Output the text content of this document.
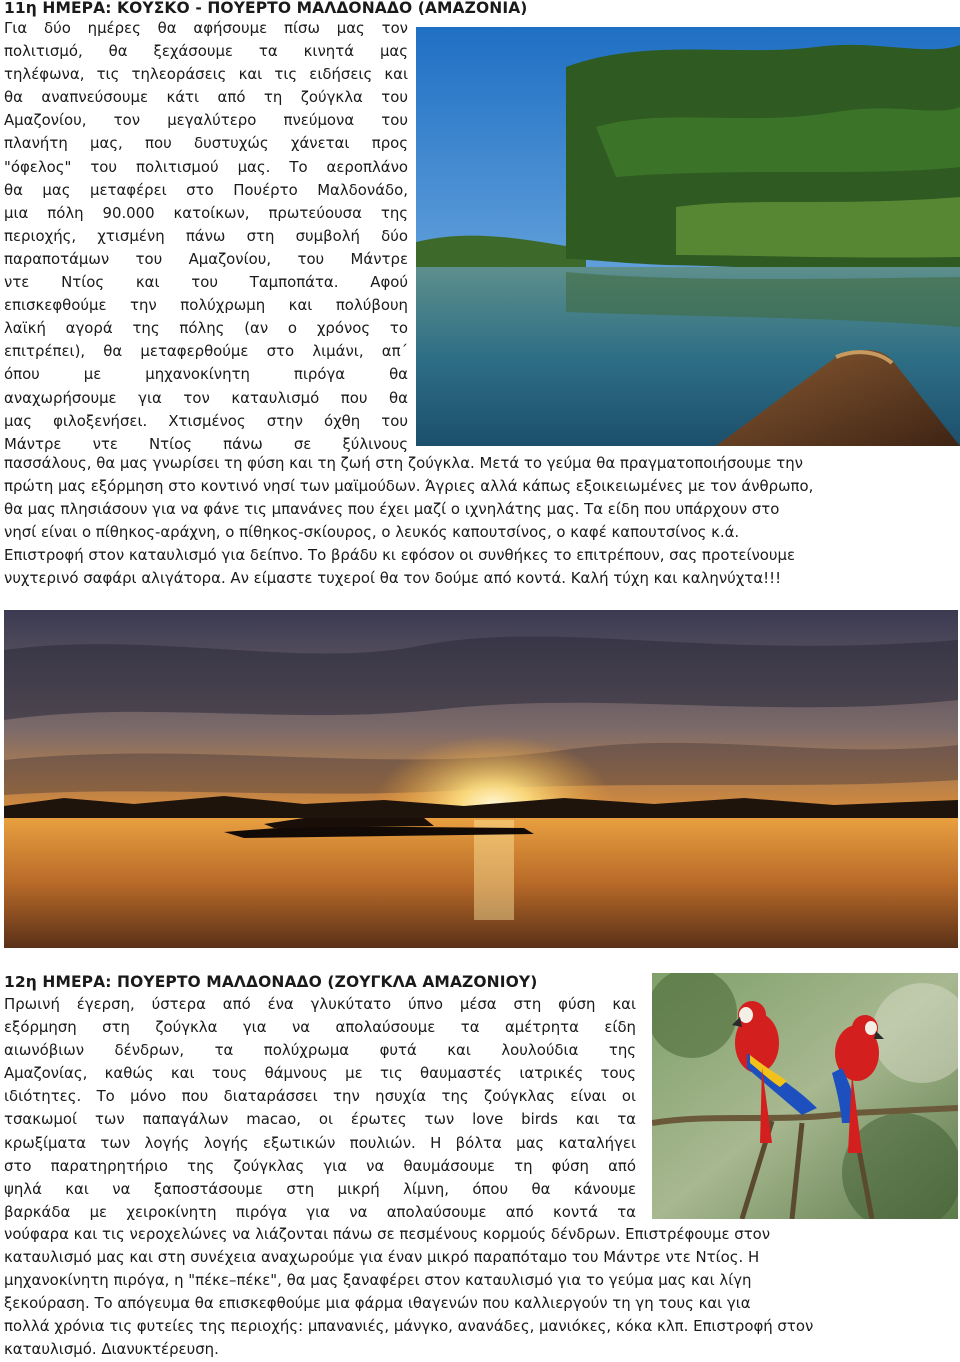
11η ΗΜΕΡΑ: ΚΟΥΣΚΟ - ΠΟΥΕΡΤΟ ΜΑΛΔΟΝΑΔΟ (ΑΜΑΖΟΝΙΑ)
Για δύο ημέρες θα αφήσουμε πίσω μας τον
πολιτισμό, θα ξεχάσουμε τα κινητά μας
τηλέφωνα, τις τηλεοράσεις και τις ειδήσεις και
θα αναπνεύσουμε κάτι από τη ζούγκλα του
Αμαζονίου, τον μεγαλύτερο πνεύμονα του
πλανήτη μας, που δυστυχώς χάνεται προς
"όφελος" του πολιτισμού μας. Το αεροπλάνο
θα μας μεταφέρει στο Πουέρτο Μαλδονάδο,
μια πόλη 90.000 κατοίκων, πρωτεύουσα της
περιοχής, χτισμένη πάνω στη συμβολή δύο
παραποτάμων του Αμαζονίου, του Μάντρε
ντε Ντίος και του Ταμποπάτα. Αφού
επισκεφθούμε την πολύχρωμη και πολύβουη
λαϊκή αγορά της πόλης (αν ο χρόνος το
επιτρέπει), θα μεταφερθούμε στο λιμάνι, απ΄
όπου με μηχανοκίνητη πιρόγα θα
αναχωρήσουμε για τον καταυλισμό που θα
μας φιλοξενήσει. Χτισμένος στην όχθη του
Μάντρε ντε Ντίος πάνω σε ξύλινους
πασσάλους, θα μας γνωρίσει τη φύση και τη ζωή στη ζούγκλα. Μετά το γεύμα θα πραγματοποιήσουμε την
πρώτη μας εξόρμηση στο κοντινό νησί των μαϊμούδων. Άγριες αλλά κάπως εξοικειωμένες με τον άνθρωπο,
θα μας πλησιάσουν για να φάνε τις μπανάνες που έχει μαζί ο ιχνηλάτης μας. Τα είδη που υπάρχουν στο
νησί είναι ο πίθηκος-αράχνη, ο πίθηκος-σκίουρος, ο λευκός καπουτσίνος, ο καφέ καπουτσίνος κ.ά.
Επιστροφή στον καταυλισμό για δείπνο. Το βράδυ κι εφόσον οι συνθήκες το επιτρέπουν, σας προτείνουμε
νυχτερινό σαφάρι αλιγάτορα. Αν είμαστε τυχεροί θα τον δούμε από κοντά. Καλή τύχη και καληνύχτα!!!
12η ΗΜΕΡΑ: ΠΟΥΕΡΤΟ ΜΑΛΔΟΝΑΔΟ (ΖΟΥΓΚΛΑ ΑΜΑΖΟΝΙΟΥ)
Πρωινή έγερση, ύστερα από ένα γλυκύτατο ύπνο μέσα στη φύση και
εξόρμηση στη ζούγκλα για να απολαύσουμε τα αμέτρητα είδη
αιωνόβιων δένδρων, τα πολύχρωμα φυτά και λουλούδια της
Αμαζονίας, καθώς και τους θάμνους με τις θαυμαστές ιατρικές τους
ιδιότητες. Το μόνο που διαταράσσει την ησυχία της ζούγκλας είναι οι
τσακωμοί των παπαγάλων macao, οι έρωτες των love birds και τα
κρωξίματα των λογής λογής εξωτικών πουλιών. Η βόλτα μας καταλήγει
στο παρατηρητήριο της ζούγκλας για να θαυμάσουμε τη φύση από
ψηλά και να ξαποστάσουμε στη μικρή λίμνη, όπου θα κάνουμε
βαρκάδα με χειροκίνητη πιρόγα για να απολαύσουμε από κοντά τα
νούφαρα και τις νεροχελώνες να λιάζονται πάνω σε πεσμένους κορμούς δένδρων. Επιστρέφουμε στον
καταυλισμό μας και στη συνέχεια αναχωρούμε για έναν μικρό παραπόταμο του Μάντρε ντε Ντίος. Η
μηχανοκίνητη πιρόγα, η "πέκε–πέκε", θα μας ξαναφέρει στον καταυλισμό για το γεύμα μας και λίγη
ξεκούραση. Το απόγευμα θα επισκεφθούμε μια φάρμα ιθαγενών που καλλιεργούν τη γη τους και για
πολλά χρόνια τις φυτείες της περιοχής: μπανανιές, μάνγκο, ανανάδες, μανιόκες, κόκα κλπ. Επιστροφή στον
καταυλισμό. Διανυκτέρευση.
